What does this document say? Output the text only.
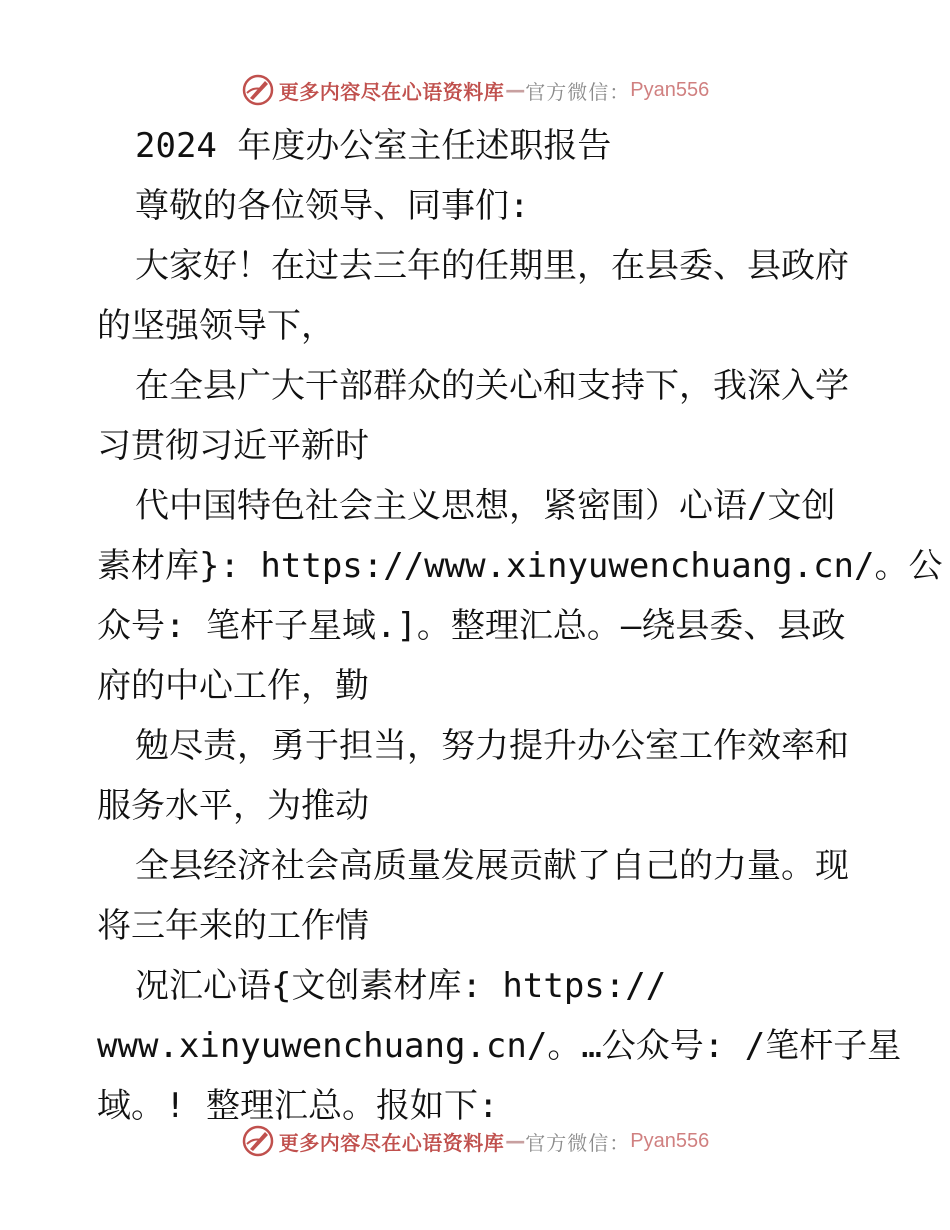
更多内容尽在心语资料库 — 官方微信： Pyan556
2024 年度办公室主任述职报告
尊敬的各位领导、同事们:
大家好！在过去三年的任期里，在县委、县政府
的坚强领导下，
在全县广大干部群众的关心和支持下，我深入学
习贯彻习近平新时
代中国特色社会主义思想，紧密围）心语/文创
素材库}: https://www.xinyuwenchuang.cn/。公
众号: 笔杆子星域.]。整理汇总。—绕县委、县政
府的中心工作，勤
勉尽责，勇于担当，努力提升办公室工作效率和
服务水平，为推动
全县经济社会高质量发展贡献了自己的力量。现
将三年来的工作情
况汇心语{文创素材库: https://
www.xinyuwenchuang.cn/。…公众号: /笔杆子星
域。! 整理汇总。报如下:
更多内容尽在心语资料库 — 官方微信： Pyan556
